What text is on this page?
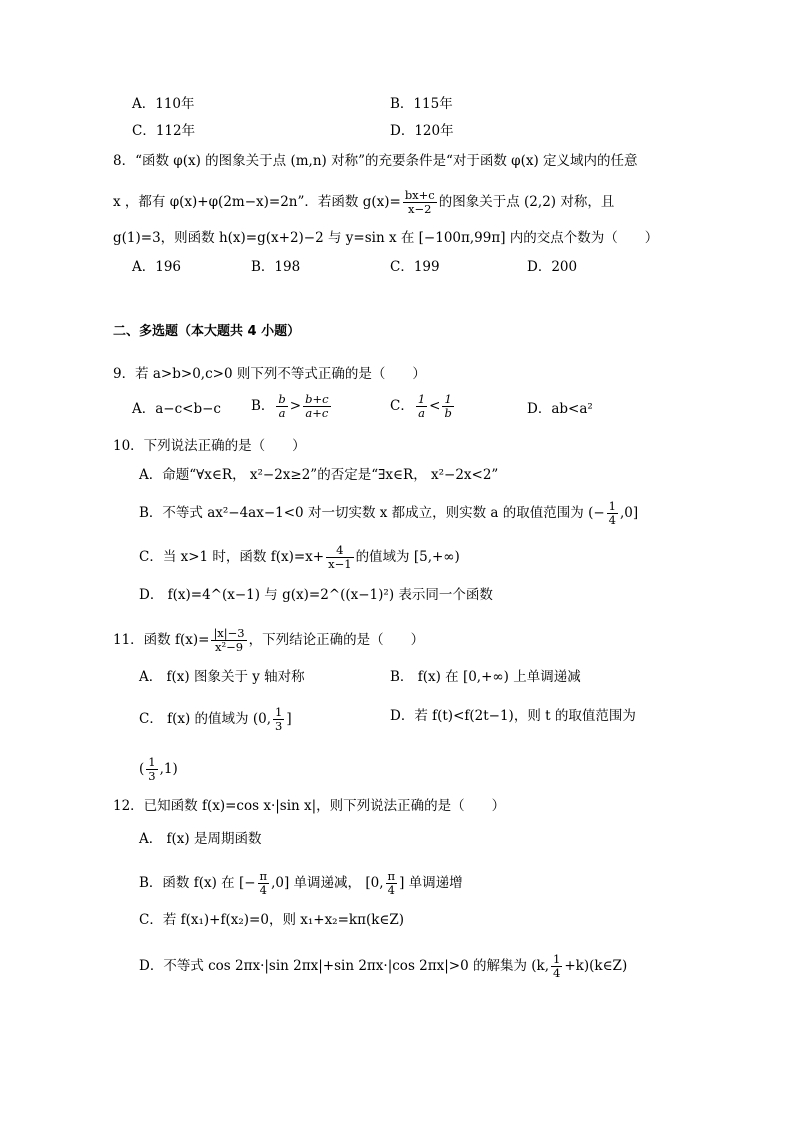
A．110年	B．115年
C．112年	D．120年
8．“函数 φ(x) 的图象关于点 (m,n) 对称”的充要条件是“对于函数 φ(x) 定义域内的任意
x ，都有 φ(x)+φ(2m−x)=2n”．若函数 $g(x)= \frac{bx+c}{x-2}$ 的图象关于点 (2,2) 对称，且
g(1)=3，则函数 h(x)=g(x+2)−2 与 y=sin x 在 [−100π,99π] 内的交点个数为（　　）
A．196	B．198	C．199	D．200
二、多选题（本大题共 4 小题）
9．若 a>b>0,c>0 则下列不等式正确的是（　　）
A．a−c<b−c B． $\frac{b}{a} > \frac{b+c}{a+c}$	C． $\frac{1}{a} < \frac{1}{b}$	D．ab<a²
10．下列说法正确的是（　　）
A．命题“∀x∈R， x²−2x≥2”的否定是“∃x∈R， x²−2x<2”
B．不等式 ax²−4ax−1<0 对一切实数 x 都成立，则实数 a 的取值范围为 (− $\frac{1}{4} ,0$]
C．当 x>1 时，函数 $f(x)=x+ \frac{4}{x-1}$ 的值域为 [5,+∞)
D． f(x)=4^(x−1) 与 g(x)=2^((x−1)²) 表示同一个函数
11．函数 $f(x)= \frac{|x|-3}{\text{x²−9}}$ ，下列结论正确的是（　　）
A． f(x) 图象关于 y 轴对称	B． f(x) 在 [0,+∞) 上单调递减
C． f(x) 的值域为 (0, $\frac{1}{3}$ ]	D．若 f(t)<f(2t−1)，则 t 的取值范围为
( $\frac{1}{3} ,1$)
12．已知函数 f(x)=cos x·|sin x|，则下列说法正确的是（　　）
A． f(x) 是周期函数
B．函数 f(x) 在 [− $\frac{\pi}{4} ,0$] 单调递减， [0, $\frac{\pi}{4}$ ] 单调递增
C．若 f(x₁)+f(x₂)=0，则 x₁+x₂=kπ(k∈Z)
D．不等式 cos 2πx·|sin 2πx|+sin 2πx·|cos 2πx|>0 的解集为 (k, $\frac{1}{4}$ +k)(k∈Z)
